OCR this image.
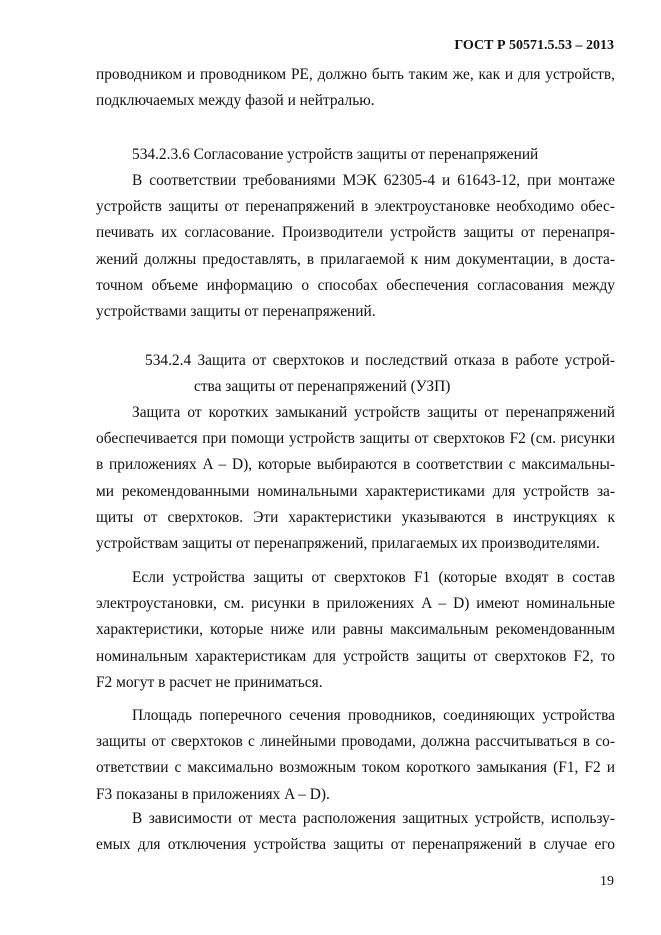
ГОСТ Р 50571.5.53 – 2013
проводником и проводником PE, должно быть таким же, как и для устройств,
подключаемых между фазой и нейтралью.
534.2.3.6 Согласование устройств защиты от перенапряжений
В соответствии требованиями МЭК 62305-4 и 61643-12, при монтаже
устройств защиты от перенапряжений в электроустановке необходимо обес-
печивать их согласование. Производители устройств защиты от перенапря-
жений должны предоставлять, в прилагаемой к ним документации, в доста-
точном объеме информацию о способах обеспечения согласования между
устройствами защиты от перенапряжений.
534.2.4 Защита от сверхтоков и последствий отказа в работе устрой-
ства защиты от перенапряжений (УЗП)
Защита от коротких замыканий устройств защиты от перенапряжений
обеспечивается при помощи устройств защиты от сверхтоков F2 (см. рисунки
в приложениях A – D), которые выбираются в соответствии с максимальны-
ми рекомендованными номинальными характеристиками для устройств за-
щиты от сверхтоков. Эти характеристики указываются в инструкциях к
устройствам защиты от перенапряжений, прилагаемых их производителями.
Если устройства защиты от сверхтоков F1 (которые входят в состав
электроустановки, см. рисунки в приложениях A – D) имеют номинальные
характеристики, которые ниже или равны максимальным рекомендованным
номинальным характеристикам для устройств защиты от сверхтоков F2, то
F2 могут в расчет не приниматься.
Площадь поперечного сечения проводников, соединяющих устройства
защиты от сверхтоков с линейными проводами, должна рассчитываться в со-
ответствии с максимально возможным током короткого замыкания (F1, F2 и
F3 показаны в приложениях A – D).
В зависимости от места расположения защитных устройств, использу-
емых для отключения устройства защиты от перенапряжений в случае его
19
